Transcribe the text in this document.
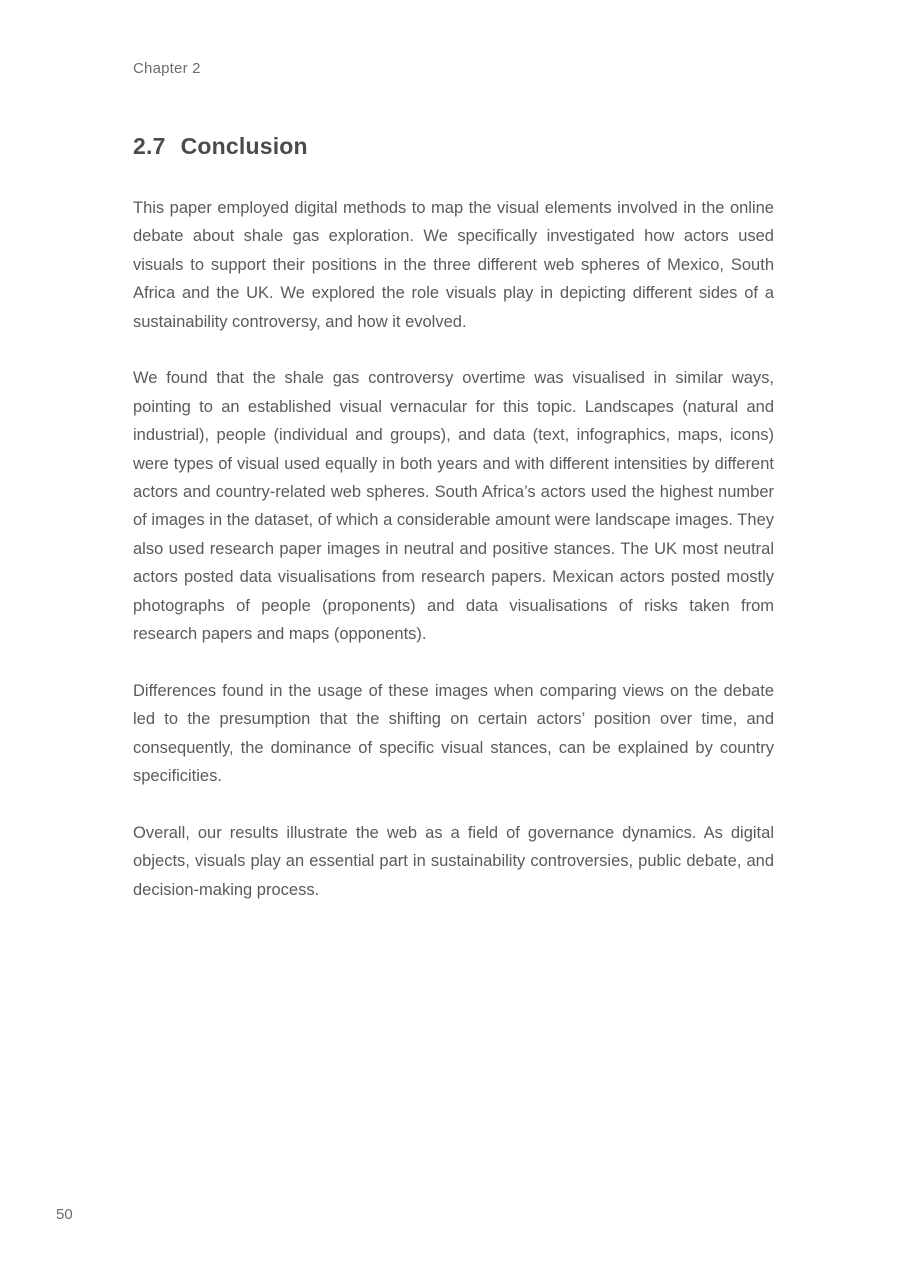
Chapter 2
2.7 Conclusion

This paper employed digital methods to map the visual elements involved in the online debate about shale gas exploration. We specifically investigated how actors used visuals to support their positions in the three different web spheres of Mexico, South Africa and the UK. We explored the role visuals play in depicting different sides of a sustainability controversy, and how it evolved.

We found that the shale gas controversy overtime was visualised in similar ways, pointing to an established visual vernacular for this topic. Landscapes (natural and industrial), people (individual and groups), and data (text, infographics, maps, icons) were types of visual used equally in both years and with different intensities by different actors and country-related web spheres. South Africa’s actors used the highest number of images in the dataset, of which a considerable amount were landscape images. They also used research paper images in neutral and positive stances. The UK most neutral actors posted data visualisations from research papers. Mexican actors posted mostly photographs of people (proponents) and data visualisations of risks taken from research papers and maps (opponents).

Differences found in the usage of these images when comparing views on the debate led to the presumption that the shifting on certain actors’ position over time, and consequently, the dominance of specific visual stances, can be explained by country specificities.

Overall, our results illustrate the web as a field of governance dynamics. As digital objects, visuals play an essential part in sustainability controversies, public debate, and decision-making process.

50
